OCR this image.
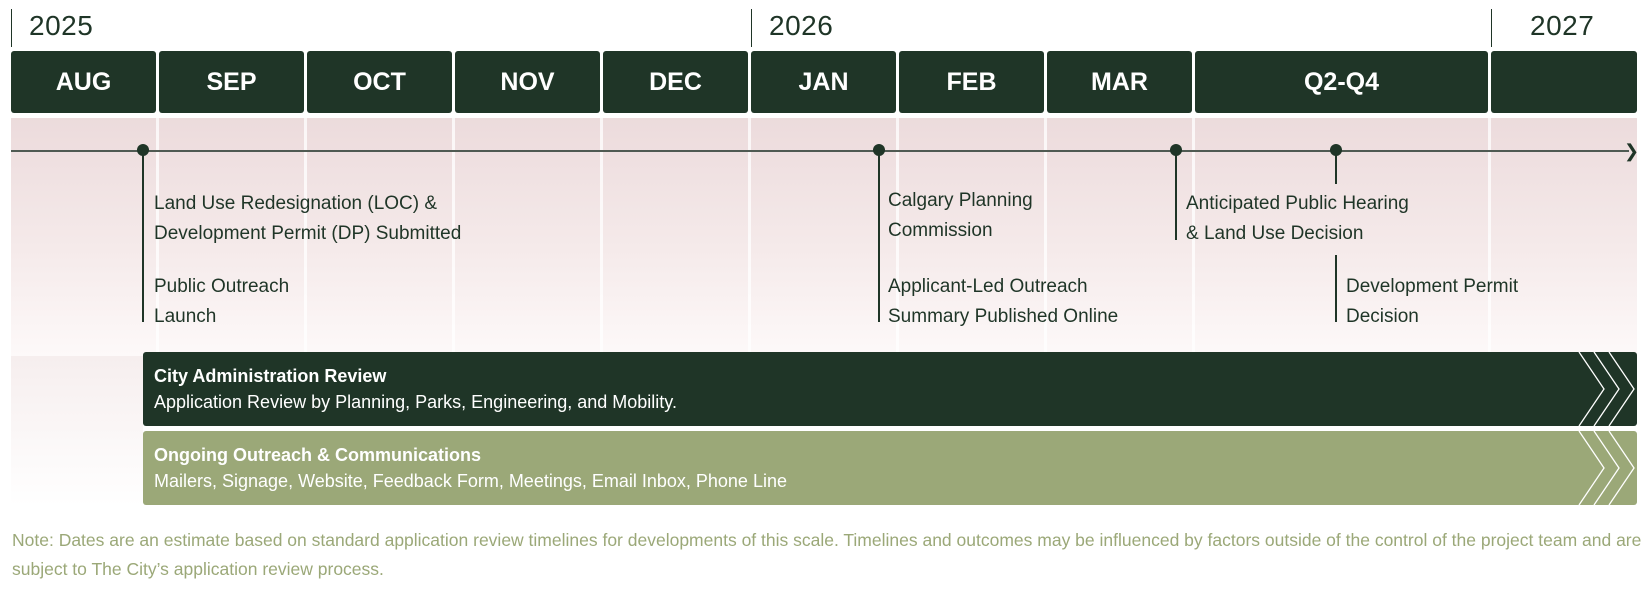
2025	2026	2027
AUG	SEP	OCT	NOV	DEC	JAN	FEB	MAR	Q2-Q4
❯
Land Use Redesignation (LOC) &
Development Permit (DP) Submitted
Public Outreach
Launch
Calgary Planning
Commission
Applicant-Led Outreach
Summary Published Online
Anticipated Public Hearing
& Land Use Decision
Development Permit
Decision
City Administration Review
Application Review by Planning, Parks, Engineering, and Mobility.
Ongoing Outreach & Communications
Mailers, Signage, Website, Feedback Form, Meetings, Email Inbox, Phone Line
Note: Dates are an estimate based on standard application review timelines for developments of this scale. Timelines and outcomes may be influenced by factors outside of the control of the project team and are subject to The City’s application review process.
